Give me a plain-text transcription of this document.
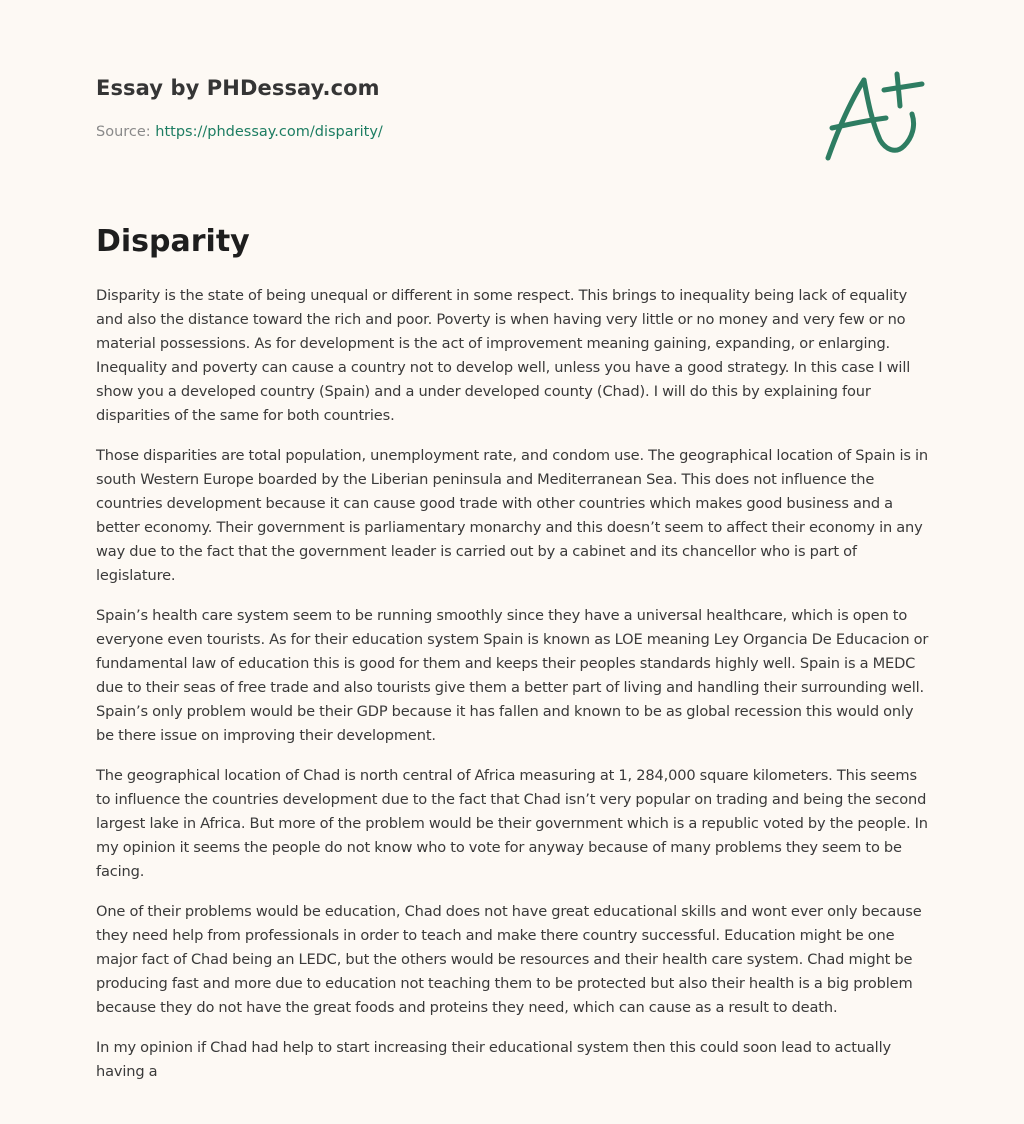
Essay by PHDessay.com
Source: https://phdessay.com/disparity/
Disparity

Disparity is the state of being unequal or different in some respect. This brings to inequality being lack of equality and also the distance toward the rich and poor. Poverty is when having very little or no money and very few or no material possessions. As for development is the act of improvement meaning gaining, expanding, or enlarging. Inequality and poverty can cause a country not to develop well, unless you have a good strategy. In this case I will show you a developed country (Spain) and a under developed county (Chad). I will do this by explaining four disparities of the same for both countries.

Those disparities are total population, unemployment rate, and condom use. The geographical location of Spain is in south Western Europe boarded by the Liberian peninsula and Mediterranean Sea. This does not influence the countries development because it can cause good trade with other countries which makes good business and a better economy. Their government is parliamentary monarchy and this doesn’t seem to affect their economy in any way due to the fact that the government leader is carried out by a cabinet and its chancellor who is part of legislature.

Spain’s health care system seem to be running smoothly since they have a universal healthcare, which is open to everyone even tourists. As for their education system Spain is known as LOE meaning Ley Organcia De Educacion or fundamental law of education this is good for them and keeps their peoples standards highly well. Spain is a MEDC due to their seas of free trade and also tourists give them a better part of living and handling their surrounding well. Spain’s only problem would be their GDP because it has fallen and known to be as global recession this would only be there issue on improving their development.

The geographical location of Chad is north central of Africa measuring at 1, 284,000 square kilometers. This seems to influence the countries development due to the fact that Chad isn’t very popular on trading and being the second largest lake in Africa. But more of the problem would be their government which is a republic voted by the people. In my opinion it seems the people do not know who to vote for anyway because of many problems they seem to be facing.

One of their problems would be education, Chad does not have great educational skills and wont ever only because they need help from professionals in order to teach and make there country successful. Education might be one major fact of Chad being an LEDC, but the others would be resources and their health care system. Chad might be producing fast and more due to education not teaching them to be protected but also their health is a big problem because they do not have the great foods and proteins they need, which can cause as a result to death.

In my opinion if Chad had help to start increasing their educational system then this could soon lead to actually having a
